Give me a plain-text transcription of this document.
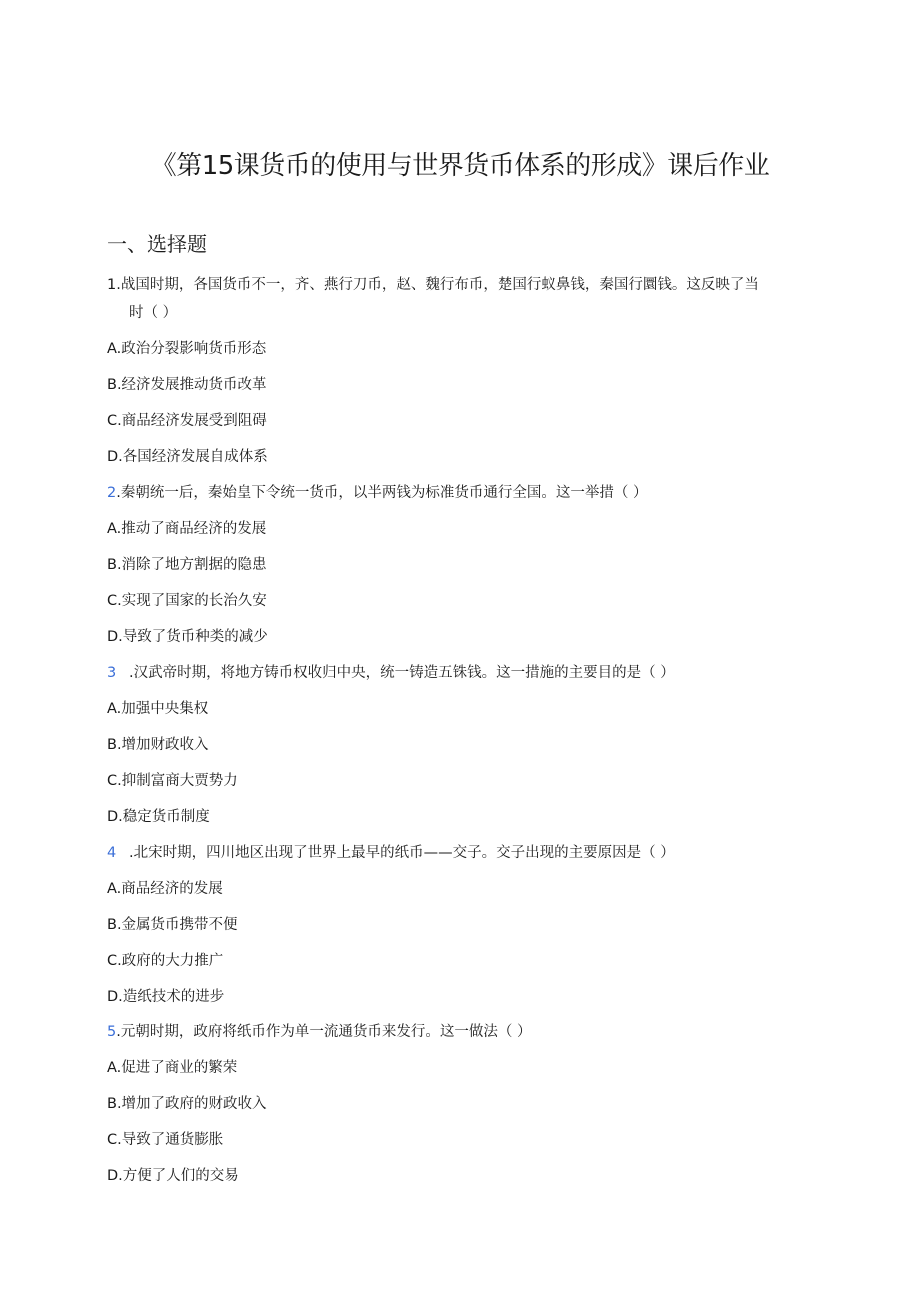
《第15课货币的使用与世界货币体系的形成》课后作业
一、选择题
1.战国时期，各国货币不一，齐、燕行刀币，赵、魏行布币，楚国行蚁鼻钱，秦国行圜钱。这反映了当
时（ ）
A.政治分裂影响货币形态
B.经济发展推动货币改革
C.商品经济发展受到阻碍
D.各国经济发展自成体系
2.秦朝统一后，秦始皇下令统一货币，以半两钱为标准货币通行全国。这一举措（ ）
A.推动了商品经济的发展
B.消除了地方割据的隐患
C.实现了国家的长治久安
D.导致了货币种类的减少
3 .汉武帝时期，将地方铸币权收归中央，统一铸造五铢钱。这一措施的主要目的是（ ）
A.加强中央集权
B.增加财政收入
C.抑制富商大贾势力
D.稳定货币制度
4 .北宋时期，四川地区出现了世界上最早的纸币——交子。交子出现的主要原因是（ ）
A.商品经济的发展
B.金属货币携带不便
C.政府的大力推广
D.造纸技术的进步
5.元朝时期，政府将纸币作为单一流通货币来发行。这一做法（ ）
A.促进了商业的繁荣
B.增加了政府的财政收入
C.导致了通货膨胀
D.方便了人们的交易
